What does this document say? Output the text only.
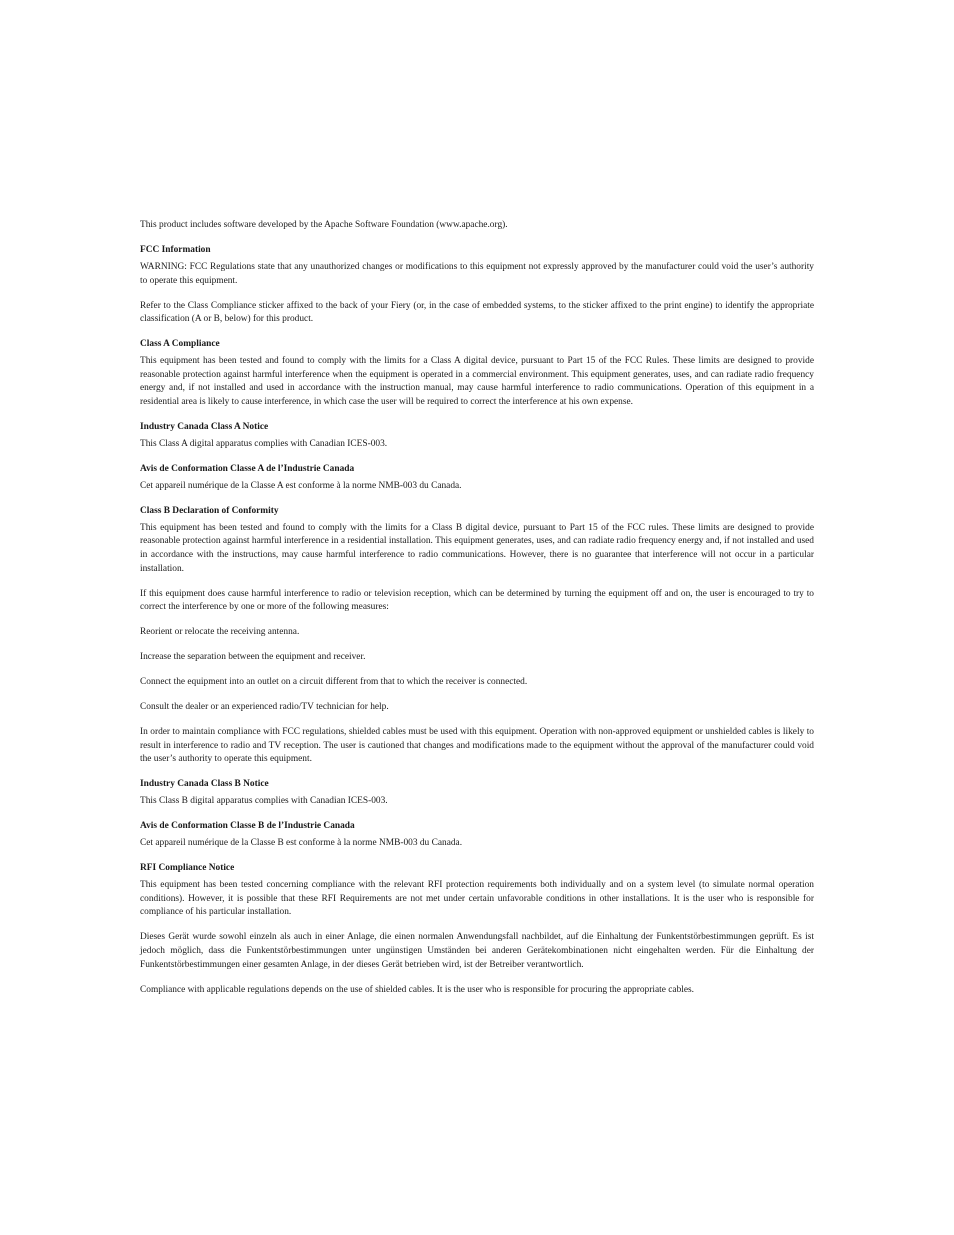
This product includes software developed by the Apache Software Foundation (www.apache.org).

FCC Information

WARNING: FCC Regulations state that any unauthorized changes or modifications to this equipment not expressly approved by the manufacturer could void the user’s authority to operate this equipment.

Refer to the Class Compliance sticker affixed to the back of your Fiery (or, in the case of embedded systems, to the sticker affixed to the print engine) to identify the appropriate classification (A or B, below) for this product.

Class A Compliance

This equipment has been tested and found to comply with the limits for a Class A digital device, pursuant to Part 15 of the FCC Rules. These limits are designed to provide reasonable protection against harmful interference when the equipment is operated in a commercial environment. This equipment generates, uses, and can radiate radio frequency energy and, if not installed and used in accordance with the instruction manual, may cause harmful interference to radio communications. Operation of this equipment in a residential area is likely to cause interference, in which case the user will be required to correct the interference at his own expense.

Industry Canada Class A Notice

This Class A digital apparatus complies with Canadian ICES-003.

Avis de Conformation Classe A de l’Industrie Canada

Cet appareil numérique de la Classe A est conforme à la norme NMB-003 du Canada.

Class B Declaration of Conformity

This equipment has been tested and found to comply with the limits for a Class B digital device, pursuant to Part 15 of the FCC rules. These limits are designed to provide reasonable protection against harmful interference in a residential installation. This equipment generates, uses, and can radiate radio frequency energy and, if not installed and used in accordance with the instructions, may cause harmful interference to radio communications. However, there is no guarantee that interference will not occur in a particular installation.

If this equipment does cause harmful interference to radio or television reception, which can be determined by turning the equipment off and on, the user is encouraged to try to correct the interference by one or more of the following measures:

Reorient or relocate the receiving antenna.

Increase the separation between the equipment and receiver.

Connect the equipment into an outlet on a circuit different from that to which the receiver is connected.

Consult the dealer or an experienced radio/TV technician for help.

In order to maintain compliance with FCC regulations, shielded cables must be used with this equipment. Operation with non-approved equipment or unshielded cables is likely to result in interference to radio and TV reception. The user is cautioned that changes and modifications made to the equipment without the approval of the manufacturer could void the user’s authority to operate this equipment.

Industry Canada Class B Notice

This Class B digital apparatus complies with Canadian ICES-003.

Avis de Conformation Classe B de l’Industrie Canada

Cet appareil numérique de la Classe B est conforme à la norme NMB-003 du Canada.

RFI Compliance Notice

This equipment has been tested concerning compliance with the relevant RFI protection requirements both individually and on a system level (to simulate normal operation conditions). However, it is possible that these RFI Requirements are not met under certain unfavorable conditions in other installations. It is the user who is responsible for compliance of his particular installation.

Dieses Gerät wurde sowohl einzeln als auch in einer Anlage, die einen normalen Anwendungsfall nachbildet, auf die Einhaltung der Funkentstörbestimmungen geprüft. Es ist jedoch möglich, dass die Funkentstörbestimmungen unter ungünstigen Umständen bei anderen Gerätekombinationen nicht eingehalten werden. Für die Einhaltung der Funkentstörbestimmungen einer gesamten Anlage, in der dieses Gerät betrieben wird, ist der Betreiber verantwortlich.

Compliance with applicable regulations depends on the use of shielded cables. It is the user who is responsible for procuring the appropriate cables.
